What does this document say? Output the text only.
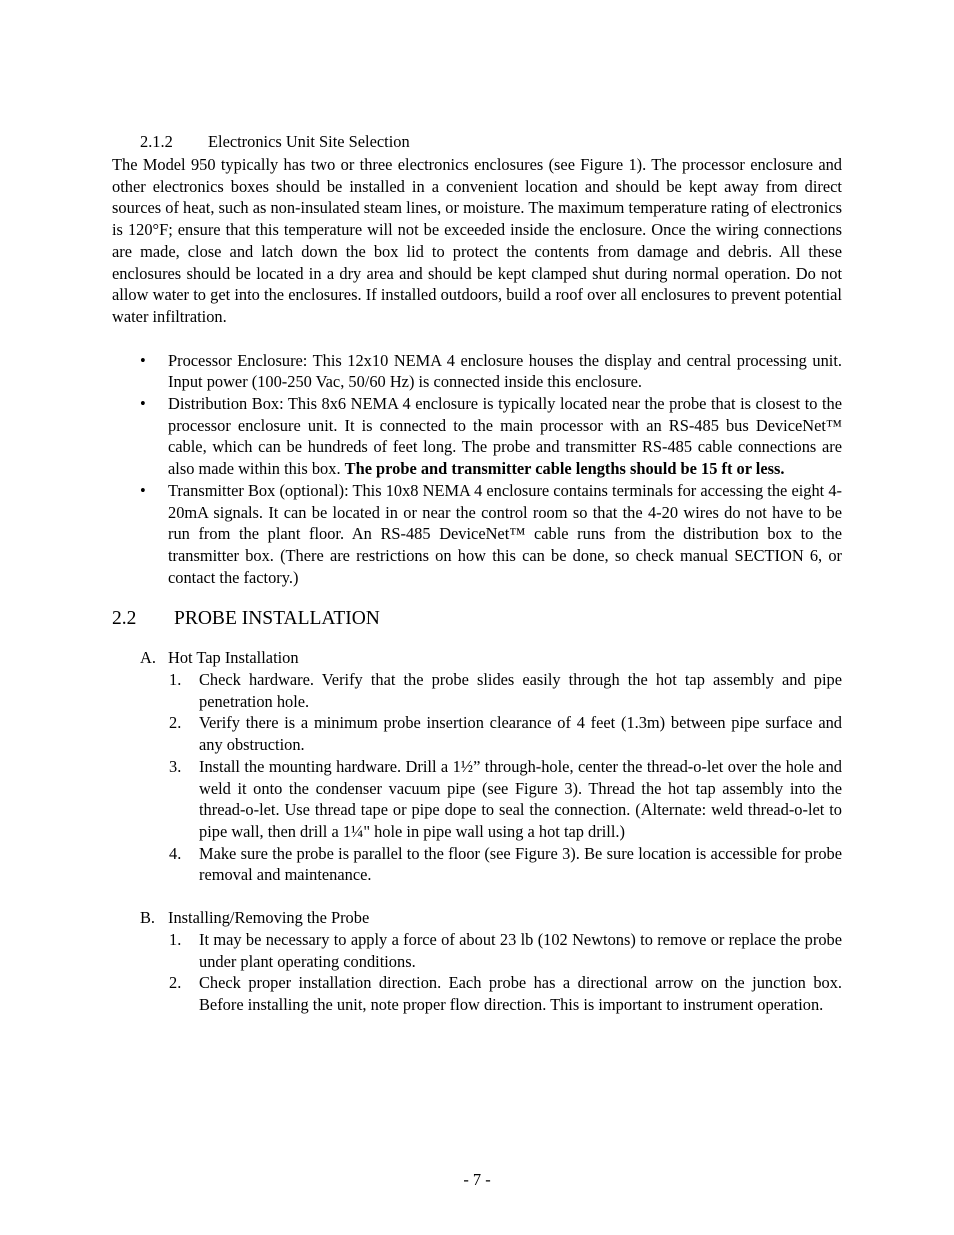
2.1.2 Electronics Unit Site Selection

The Model 950 typically has two or three electronics enclosures (see Figure 1). The processor enclosure and other electronics boxes should be installed in a convenient location and should be kept away from direct sources of heat, such as non-insulated steam lines, or moisture. The maximum temperature rating of electronics is 120°F; ensure that this temperature will not be exceeded inside the enclosure. Once the wiring connections are made, close and latch down the box lid to protect the contents from damage and debris. All these enclosures should be located in a dry area and should be kept clamped shut during normal operation. Do not allow water to get into the enclosures. If installed outdoors, build a roof over all enclosures to prevent potential water infiltration.

• Processor Enclosure: This 12x10 NEMA 4 enclosure houses the display and central processing unit. Input power (100-250 Vac, 50/60 Hz) is connected inside this enclosure.
• Distribution Box: This 8x6 NEMA 4 enclosure is typically located near the probe that is closest to the processor enclosure unit. It is connected to the main processor with an RS-485 bus DeviceNet™ cable, which can be hundreds of feet long. The probe and transmitter RS-485 cable connections are also made within this box. The probe and transmitter cable lengths should be 15 ft or less.
• Transmitter Box (optional): This 10x8 NEMA 4 enclosure contains terminals for accessing the eight 4-20mA signals. It can be located in or near the control room so that the 4-20 wires do not have to be run from the plant floor. An RS-485 DeviceNet™ cable runs from the distribution box to the transmitter box. (There are restrictions on how this can be done, so check manual SECTION 6, or contact the factory.)
2.2 PROBE INSTALLATION
A. Hot Tap Installation
1. Check hardware. Verify that the probe slides easily through the hot tap assembly and pipe penetration hole.
2. Verify there is a minimum probe insertion clearance of 4 feet (1.3m) between pipe surface and any obstruction.
3. Install the mounting hardware. Drill a 1½” through-hole, center the thread-o-let over the hole and weld it onto the condenser vacuum pipe (see Figure 3). Thread the hot tap assembly into the thread-o-let. Use thread tape or pipe dope to seal the connection. (Alternate: weld thread-o-let to pipe wall, then drill a 1¼" hole in pipe wall using a hot tap drill.)
4. Make sure the probe is parallel to the floor (see Figure 3). Be sure location is accessible for probe removal and maintenance.
B. Installing/Removing the Probe
1. It may be necessary to apply a force of about 23 lb (102 Newtons) to remove or replace the probe under plant operating conditions.
2. Check proper installation direction. Each probe has a directional arrow on the junction box. Before installing the unit, note proper flow direction. This is important to instrument operation.
- 7 -
